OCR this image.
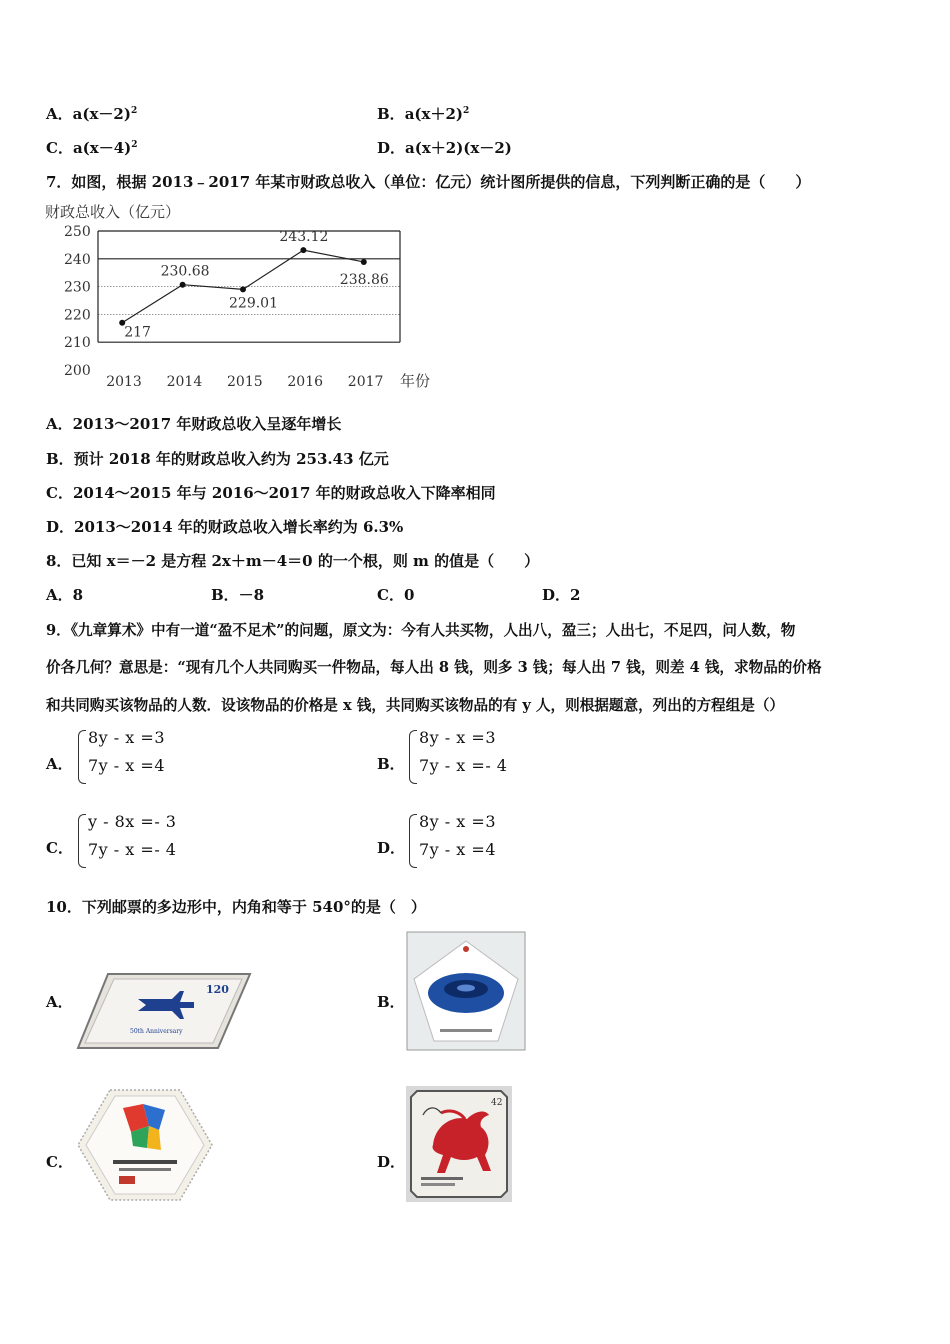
A．$a(x-2)^2$	B．$a(x+2)^2$
C．$a(x-4)^2$	D．a(x＋2)(x－2)
7．如图，根据 2013﹣2017 年某市财政总收入（单位：亿元）统计图所提供的信息，下列判断正确的是（　　）
财政总收入（亿元）
200
210
220
230
240
250
2013 2014 2015 2016 2017
217
230.68
229.01
243.12
238.86
年份
A．2013～2017 年财政总收入呈逐年增长
B．预计 2018 年的财政总收入约为 253.43 亿元
C．2014～2015 年与 2016～2017 年的财政总收入下降率相同
D．2013～2014 年的财政总收入增长率约为 6.3%
8．已知 x＝－2 是方程 2x＋m－4＝0 的一个根，则 m 的值是（　　）
A．8	B．－8	C．0	D．2
9．《九章算术》中有一道“盈不足术”的问题，原文为：今有人共买物，人出八，盈三；人出七，不足四，问人数，物
价各几何？意思是：“现有几个人共同购买一件物品，每人出 8 钱，则多 3 钱；每人出 7 钱，则差 4 钱，求物品的价格
和共同购买该物品的人数．设该物品的价格是 x 钱，共同购买该物品的有 y 人，则根据题意，列出的方程组是（）
A．
8y - x =3
7y - x =4	B．
8y - x =3
7y - x =- 4
C．
y - 8x =- 3
7y - x =- 4	D．
8y - x =3
7y - x =4
10．下列邮票的多边形中，内角和等于 540°的是（　）
A．
120
50th Anniversary
B．
C．	D．
42
